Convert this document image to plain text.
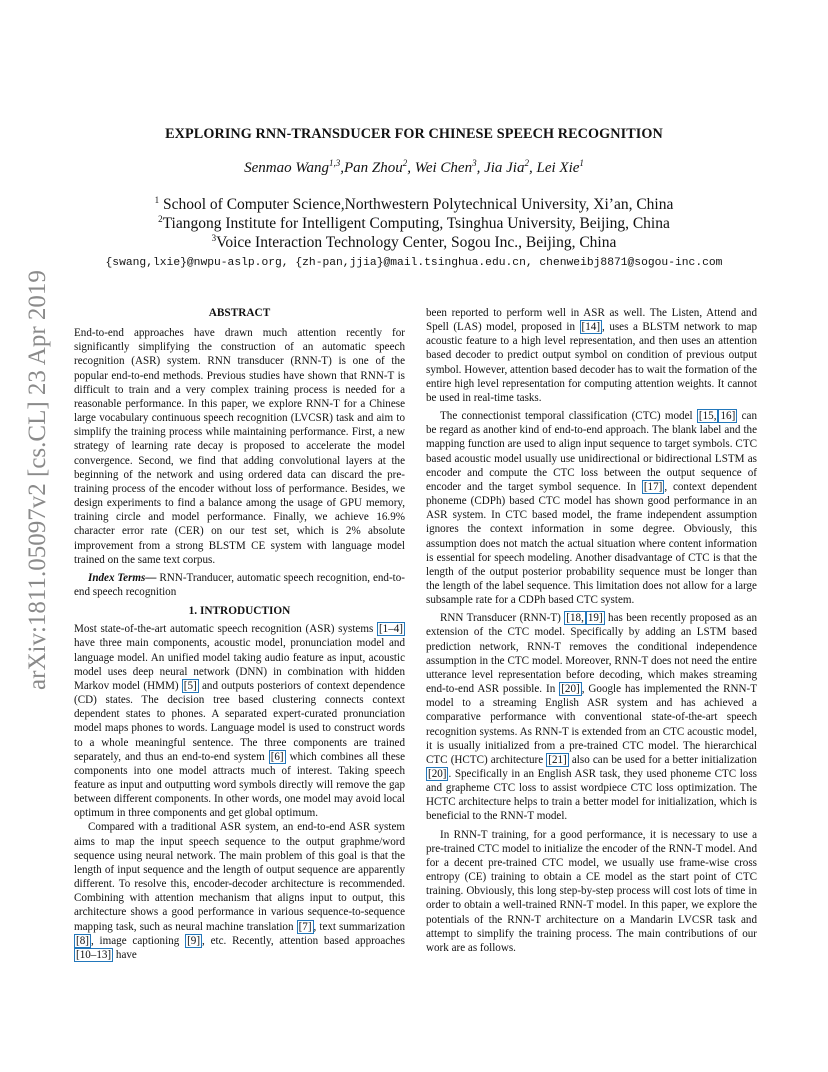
EXPLORING RNN-TRANSDUCER FOR CHINESE SPEECH RECOGNITION
Senmao Wang$^{1,3}$,Pan Zhou$^2$, Wei Chen$^3$, Jia Jia$^2$, Lei Xie$^1$
$^1$ School of Computer Science,Northwestern Polytechnical University, Xi’an, China
$^2$Tiangong Institute for Intelligent Computing, Tsinghua University, Beijing, China
$^3$Voice Interaction Technology Center, Sogou Inc., Beijing, China
{swang,lxie}@nwpu-aslp.org, {zh-pan,jjia}@mail.tsinghua.edu.cn, chenweibj8871@sogou-inc.com
arXiv:1811.05097v2 [cs.CL] 23 Apr 2019	ABSTRACT

End-to-end approaches have drawn much attention recently for significantly simplifying the construction of an automatic speech recognition (ASR) system. RNN transducer (RNN-T) is one of the popular end-to-end methods. Previous studies have shown that RNN-T is difficult to train and a very complex training process is needed for a reasonable performance. In this paper, we explore RNN-T for a Chinese large vocabulary continuous speech recognition (LVCSR) task and aim to simplify the training process while maintaining performance. First, a new strategy of learning rate decay is proposed to accelerate the model convergence. Second, we find that adding convolutional layers at the beginning of the network and using ordered data can discard the pre-training process of the encoder without loss of performance. Besides, we design experiments to find a balance among the usage of GPU memory, training circle and model performance. Finally, we achieve 16.9% character error rate (CER) on our test set, which is 2% absolute improvement from a strong BLSTM CE system with language model trained on the same text corpus.

Index Terms— RNN-Tranducer, automatic speech recognition, end-to-end speech recognition

1. INTRODUCTION

Most state-of-the-art automatic speech recognition (ASR) systems [1–4] have three main components, acoustic model, pronunciation model and language model. An unified model taking audio feature as input, acoustic model uses deep neural network (DNN) in combination with hidden Markov model (HMM) [5] and outputs posteriors of context dependence (CD) states. The decision tree based clustering connects context dependent states to phones. A separated expert-curated pronunciation model maps phones to words. Language model is used to construct words to a whole meaningful sentence. The three components are trained separately, and thus an end-to-end system [6] which combines all these components into one model attracts much of interest. Taking speech feature as input and outputting word symbols directly will remove the gap between different components. In other words, one model may avoid local optimum in three components and get global optimum.

Compared with a traditional ASR system, an end-to-end ASR system aims to map the input speech sequence to the output graphme/word sequence using neural network. The main problem of this goal is that the length of input sequence and the length of output sequence are apparently different. To resolve this, encoder-decoder architecture is recommended. Combining with attention mechanism that aligns input to output, this architecture shows a good performance in various sequence-to-sequence mapping task, such as neural machine translation [7] , text summarization [8] , image captioning [9] , etc. Recently, attention based approaches [10–13] have

been reported to perform well in ASR as well. The Listen, Attend and Spell (LAS) model, proposed in [14] , uses a BLSTM network to map acoustic feature to a high level representation, and then uses an attention based decoder to predict output symbol on condition of previous output symbol. However, attention based decoder has to wait the formation of the entire high level representation for computing attention weights. It cannot be used in real-time tasks.

The connectionist temporal classification (CTC) model [15, 16] can be regard as another kind of end-to-end approach. The blank label and the mapping function are used to align input sequence to target symbols. CTC based acoustic model usually use unidirectional or bidirectional LSTM as encoder and compute the CTC loss between the output sequence of encoder and the target symbol sequence. In [17] , context dependent phoneme (CDPh) based CTC model has shown good performance in an ASR system. In CTC based model, the frame independent assumption ignores the context information in some degree. Obviously, this assumption does not match the actual situation where content information is essential for speech modeling. Another disadvantage of CTC is that the length of the output posterior probability sequence must be longer than the length of the label sequence. This limitation does not allow for a large subsample rate for a CDPh based CTC system.

RNN Transducer (RNN-T) [18, 19] has been recently proposed as an extension of the CTC model. Specifically by adding an LSTM based prediction network, RNN-T removes the conditional independence assumption in the CTC model. Moreover, RNN-T does not need the entire utterance level representation before decoding, which makes streaming end-to-end ASR possible. In [20] , Google has implemented the RNN-T model to a streaming English ASR system and has achieved a comparative performance with conventional state-of-the-art speech recognition systems. As RNN-T is extended from an CTC acoustic model, it is usually initialized from a pre-trained CTC model. The hierarchical CTC (HCTC) architecture [21] also can be used for a better initialization [20] . Specifically in an English ASR task, they used phoneme CTC loss and grapheme CTC loss to assist wordpiece CTC loss optimization. The HCTC architecture helps to train a better model for initialization, which is beneficial to the RNN-T model.

In RNN-T training, for a good performance, it is necessary to use a pre-trained CTC model to initialize the encoder of the RNN-T model. And for a decent pre-trained CTC model, we usually use frame-wise cross entropy (CE) training to obtain a CE model as the start point of CTC training. Obviously, this long step-by-step process will cost lots of time in order to obtain a well-trained RNN-T model. In this paper, we explore the potentials of the RNN-T architecture on a Mandarin LVCSR task and attempt to simplify the training process. The main contributions of our work are as follows.
